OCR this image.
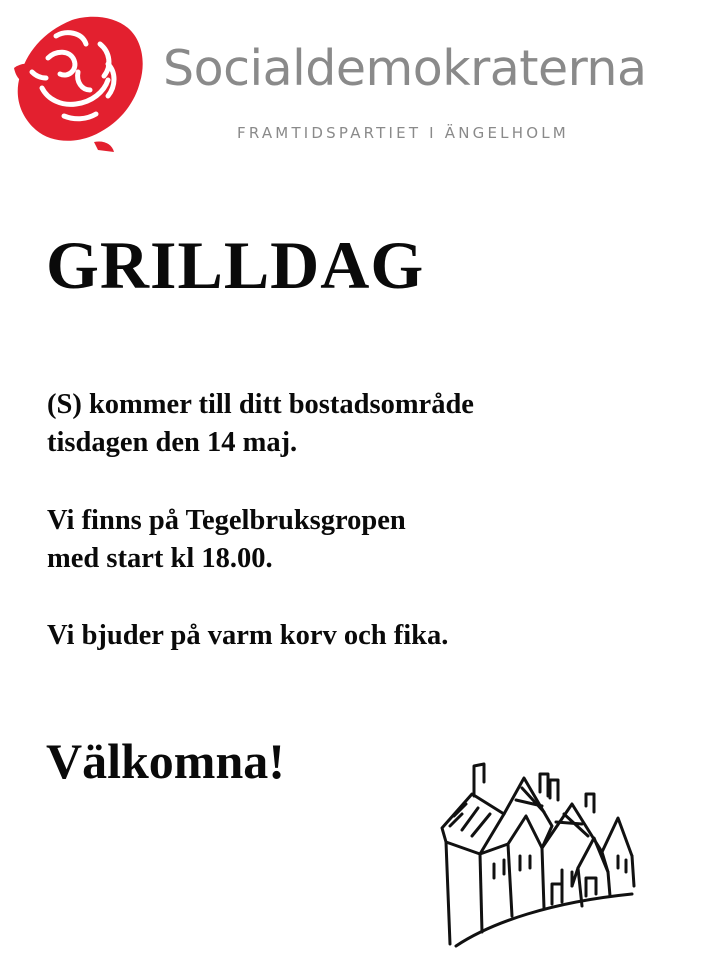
Socialdemokraterna
FRAMTIDSPARTIET I ÄNGELHOLM
GRILLDAG
(S) kommer till ditt bostadsområde
tisdagen den 14 maj.
Vi finns på Tegelbruksgropen
med start kl 18.00.
Vi bjuder på varm korv och fika.
Välkomna!
